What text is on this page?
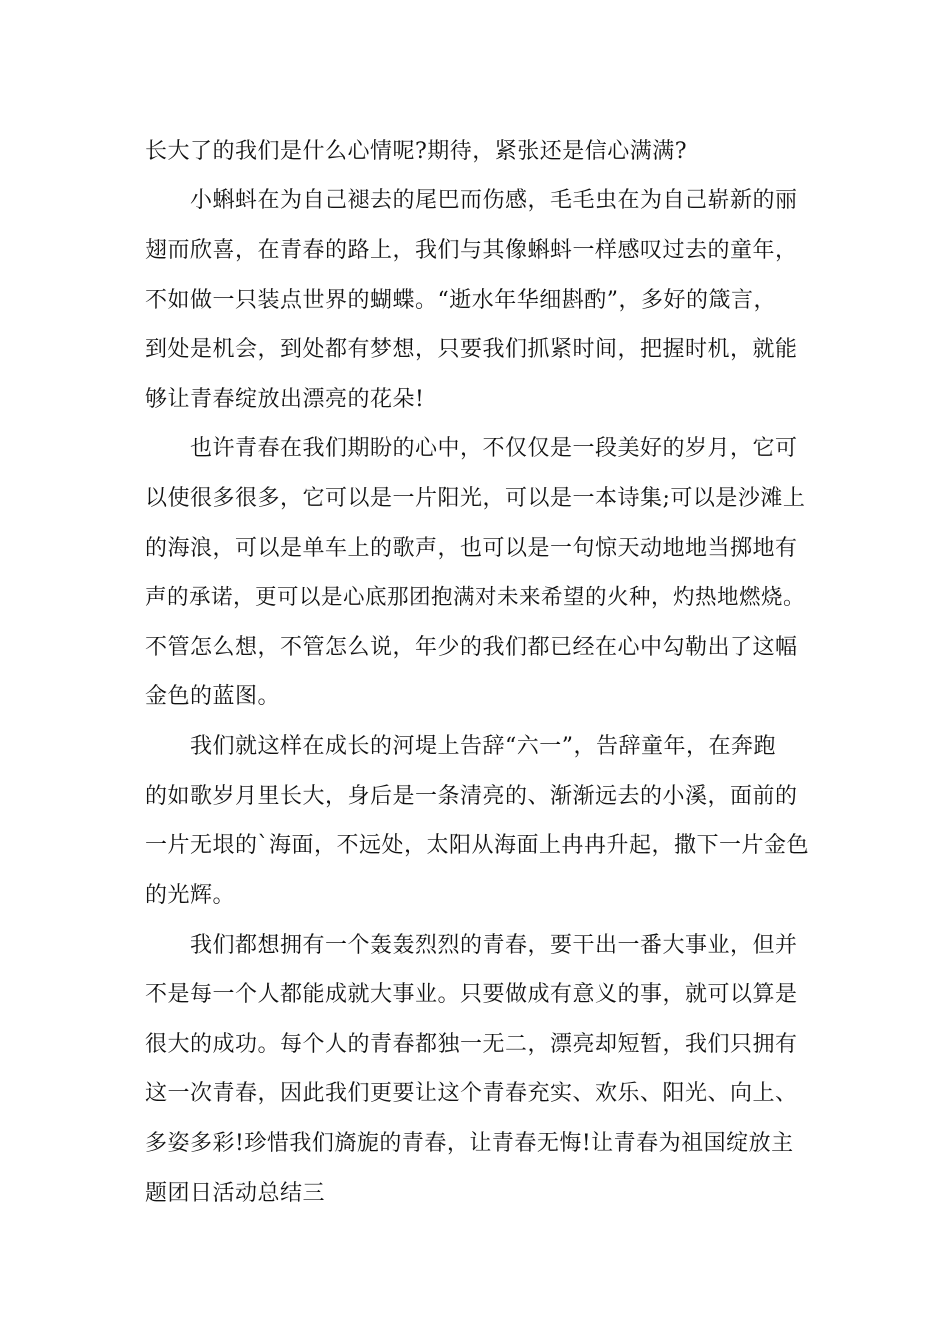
长大了的我们是什么心情呢?期待，紧张还是信心满满?

小蝌蚪在为自己褪去的尾巴而伤感，毛毛虫在为自己崭新的丽

翅而欣喜，在青春的路上，我们与其像蝌蚪一样感叹过去的童年，

不如做一只装点世界的蝴蝶。“逝水年华细斟酌”，多好的箴言，

到处是机会，到处都有梦想，只要我们抓紧时间，把握时机，就能

够让青春绽放出漂亮的花朵!

也许青春在我们期盼的心中，不仅仅是一段美好的岁月，它可

以使很多很多，它可以是一片阳光，可以是一本诗集;可以是沙滩上

的海浪，可以是单车上的歌声，也可以是一句惊天动地地当掷地有

声的承诺，更可以是心底那团抱满对未来希望的火种，灼热地燃烧。

不管怎么想，不管怎么说，年少的我们都已经在心中勾勒出了这幅

金色的蓝图。

我们就这样在成长的河堤上告辞“六一”，告辞童年，在奔跑

的如歌岁月里长大，身后是一条清亮的、渐渐远去的小溪，面前的

一片无垠的`海面，不远处，太阳从海面上冉冉升起，撒下一片金色

的光辉。

我们都想拥有一个轰轰烈烈的青春，要干出一番大事业，但并

不是每一个人都能成就大事业。只要做成有意义的事，就可以算是

很大的成功。每个人的青春都独一无二，漂亮却短暂，我们只拥有

这一次青春，因此我们更要让这个青春充实、欢乐、阳光、向上、

多姿多彩!珍惜我们旖旎的青春，让青春无悔!让青春为祖国绽放主

题团日活动总结三
